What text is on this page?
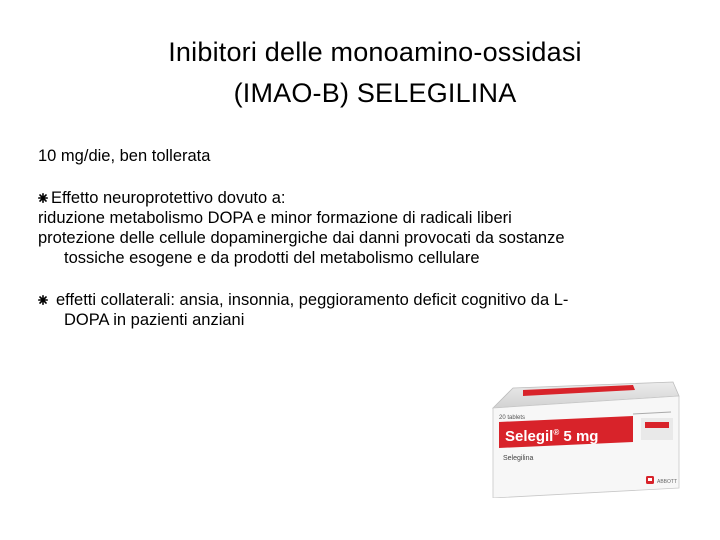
Inibitori delle monoamino-ossidasi
(IMAO-B) SELEGILINA

10 mg/die, ben tollerata

Effetto neuroprotettivo dovuto a:

riduzione metabolismo DOPA e minor formazione di radicali liberi

protezione delle cellule dopaminergiche dai danni provocati da sostanze

tossiche esogene e da prodotti del metabolismo cellulare

effetti collaterali: ansia, insonnia, peggioramento deficit cognitivo da L-

DOPA in pazienti anziani

20 tablets
Selegil® 5 mg
Selegilina
ABBOTT
